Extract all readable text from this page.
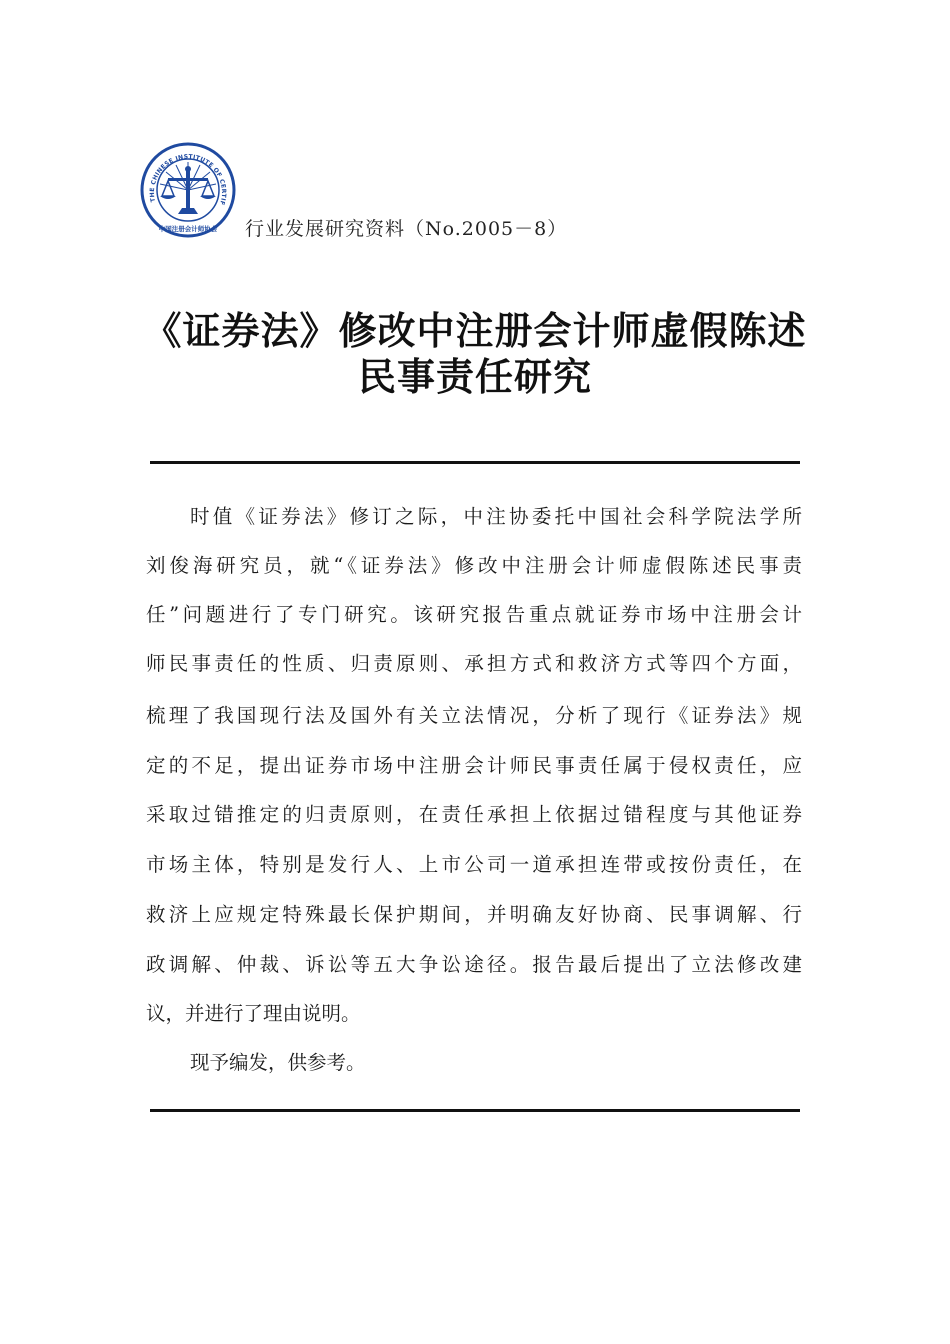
THE CHINESE INSTITUTE OF CERTIF
中国注册会计师协会 行业发展研究资料（No.2005－8）
《证券法》修改中注册会计师虚假陈述
民事责任研究
时值《证券法》修订之际，中注协委托中国社会科学院法学所
刘俊海研究员，就“《证券法》修改中注册会计师虚假陈述民事责
任”问题进行了专门研究。该研究报告重点就证券市场中注册会计
师民事责任的性质、归责原则、承担方式和救济方式等四个方面，
梳理了我国现行法及国外有关立法情况，分析了现行《证券法》规
定的不足，提出证券市场中注册会计师民事责任属于侵权责任，应
采取过错推定的归责原则，在责任承担上依据过错程度与其他证券
市场主体，特别是发行人、上市公司一道承担连带或按份责任，在
救济上应规定特殊最长保护期间，并明确友好协商、民事调解、行
政调解、仲裁、诉讼等五大争讼途径。报告最后提出了立法修改建
议，并进行了理由说明。
现予编发，供参考。
